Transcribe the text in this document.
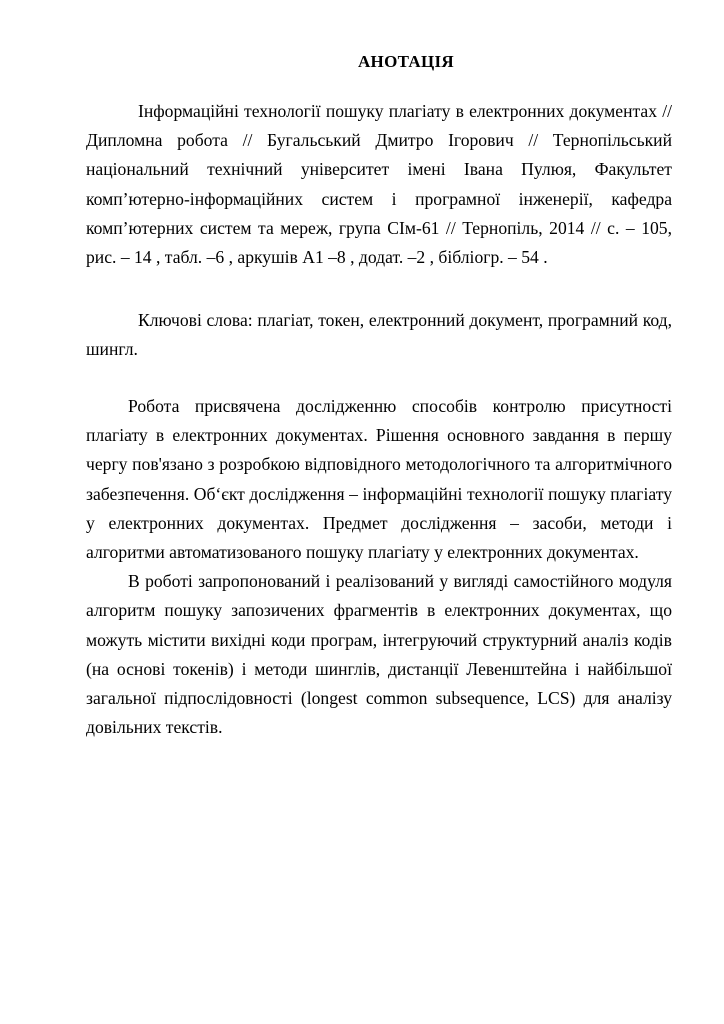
АНОТАЦІЯ

Інформаційні технології пошуку плагіату в електронних документах // Дипломна робота // Бугальський Дмитро Ігорович // Тернопільський національний технічний університет імені Івана Пулюя, Факультет комп’ютерно-інформаційних систем і програмної інженерії, кафедра комп’ютерних систем та мереж, група СІм-61 // Тернопіль, 2014 // с. – 105, рис. – 14 , табл. –6 , аркушів А1 –8 , додат. –2 , бібліогр. – 54 .

Ключові слова: плагіат, токен, електронний документ, програмний код, шингл.

Робота присвячена дослідженню способів контролю присутності плагіату в електронних документах. Рішення основного завдання в першу чергу пов'язано з розробкою відповідного методологічного та алгоритмічного забезпечення. Об‘єкт дослідження – інформаційні технології пошуку плагіату у електронних документах. Предмет дослідження – засоби, методи і алгоритми автоматизованого пошуку плагіату у електронних документах.

В роботі запропонований і реалізований у вигляді самостійного модуля алгоритм пошуку запозичених фрагментів в електронних документах, що можуть містити вихідні коди програм, інтегруючий структурний аналіз кодів (на основі токенів) і методи шинглів, дистанції Левенштейна і найбільшої загальної підпослідовності (longest common subsequence, LCS) для аналізу довільних текстів.
